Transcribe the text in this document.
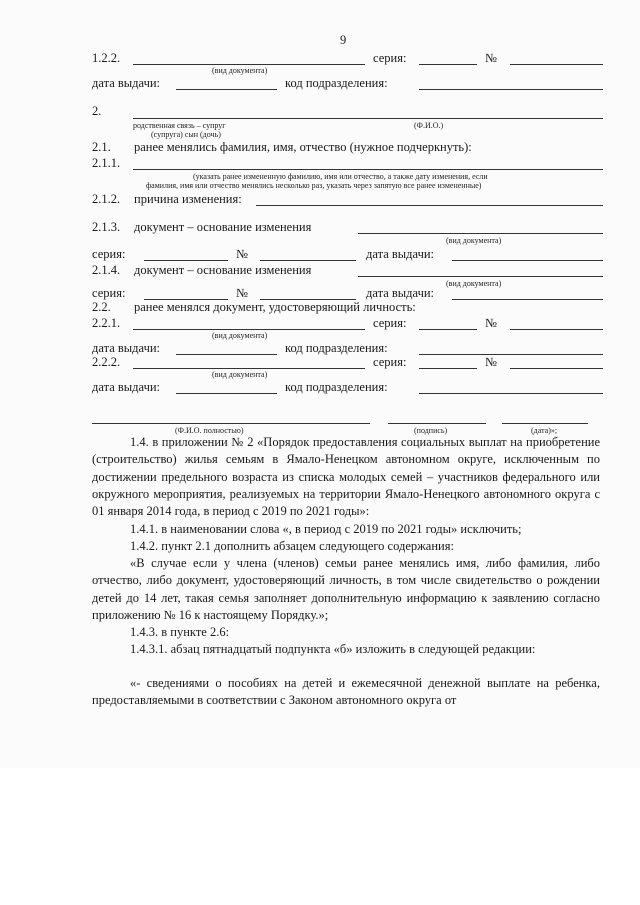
9
1.2.2.
(вид документа)
серия:	№
дата выдачи:	код подразделения:
2.
родственная связь – супруг
(супруга) сын (дочь)
(Ф.И.О.)
2.1. ранее менялись фамилия, имя, отчество (нужное подчеркнуть):
2.1.1.
(указать ранее измененную фамилию, имя или отчество, а также дату изменения, если
фамилия, имя или отчество менялись несколько раз, указать через запятую все ранее измененные)
2.1.2. причина изменения:
2.1.3. документ – основание изменения
(вид документа)
серия:	№	дата выдачи:
2.1.4. документ – основание изменения
(вид документа)
серия:	№	дата выдачи:
2.2. ранее менялся документ, удостоверяющий личность:
2.2.1.
(вид документа)
серия:	№
дата выдачи:	код подразделения:
2.2.2.
(вид документа)
серия:	№
дата выдачи:	код подразделения:
(Ф.И.О. полностью)	(подпись)	(дата)»;
1.4. в приложении № 2 «Порядок предоставления социальных выплат на приобретение (строительство) жилья семьям в Ямало-Ненецком автономном округе, исключенным по достижении предельного возраста из списка молодых семей – участников федерального или окружного мероприятия, реализуемых на территории Ямало-Ненецкого автономного округа с 01 января 2014 года, в период с 2019 по 2021 годы»:
1.4.1. в наименовании слова «, в период с 2019 по 2021 годы» исключить;
1.4.2. пункт 2.1 дополнить абзацем следующего содержания:
«В случае если у члена (членов) семьи ранее менялись имя, либо фамилия, либо отчество, либо документ, удостоверяющий личность, в том числе свидетельство о рождении детей до 14 лет, такая семья заполняет дополнительную информацию к заявлению согласно приложению № 16 к настоящему Порядку.»;
1.4.3. в пункте 2.6:
1.4.3.1. абзац пятнадцатый подпункта «б» изложить в следующей редакции:
«- сведениями о пособиях на детей и ежемесячной денежной выплате на ребенка, предоставляемыми в соответствии с Законом автономного округа от
